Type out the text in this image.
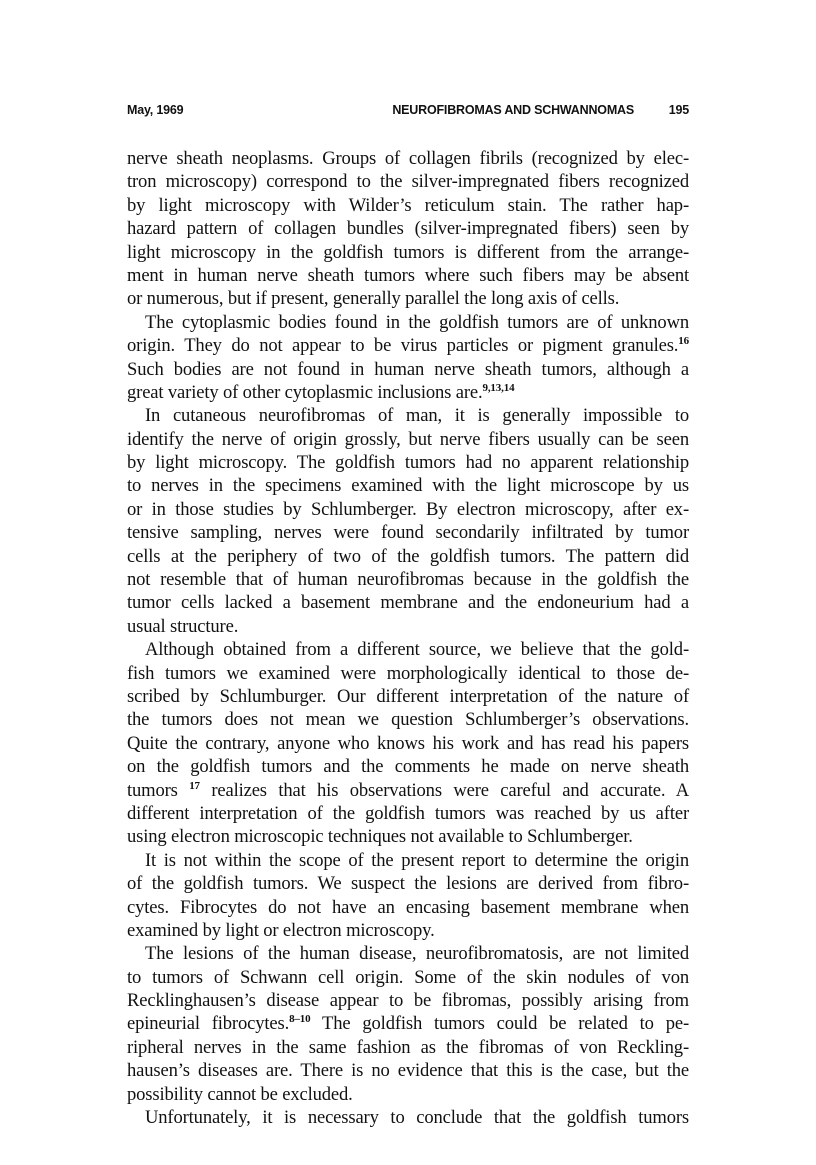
May, 1969	NEUROFIBROMAS AND SCHWANNOMAS	195
nerve sheath neoplasms. Groups of collagen fibrils (recognized by elec-
tron microscopy) correspond to the silver-impregnated fibers recognized
by light microscopy with Wilder’s reticulum stain. The rather hap-
hazard pattern of collagen bundles (silver-impregnated fibers) seen by
light microscopy in the goldfish tumors is different from the arrange-
ment in human nerve sheath tumors where such fibers may be absent
or numerous, but if present, generally parallel the long axis of cells.
The cytoplasmic bodies found in the goldfish tumors are of unknown
origin. They do not appear to be virus particles or pigment granules.$^{16}$
Such bodies are not found in human nerve sheath tumors, although a
great variety of other cytoplasmic inclusions are.$^{9,13,14}$
In cutaneous neurofibromas of man, it is generally impossible to
identify the nerve of origin grossly, but nerve fibers usually can be seen
by light microscopy. The goldfish tumors had no apparent relationship
to nerves in the specimens examined with the light microscope by us
or in those studies by Schlumberger. By electron microscopy, after ex-
tensive sampling, nerves were found secondarily infiltrated by tumor
cells at the periphery of two of the goldfish tumors. The pattern did
not resemble that of human neurofibromas because in the goldfish the
tumor cells lacked a basement membrane and the endoneurium had a
usual structure.
Although obtained from a different source, we believe that the gold-
fish tumors we examined were morphologically identical to those de-
scribed by Schlumburger. Our different interpretation of the nature of
the tumors does not mean we question Schlumberger’s observations.
Quite the contrary, anyone who knows his work and has read his papers
on the goldfish tumors and the comments he made on nerve sheath
tumors $^{17}$ realizes that his observations were careful and accurate. A
different interpretation of the goldfish tumors was reached by us after
using electron microscopic techniques not available to Schlumberger.
It is not within the scope of the present report to determine the origin
of the goldfish tumors. We suspect the lesions are derived from fibro-
cytes. Fibrocytes do not have an encasing basement membrane when
examined by light or electron microscopy.
The lesions of the human disease, neurofibromatosis, are not limited
to tumors of Schwann cell origin. Some of the skin nodules of von
Recklinghausen’s disease appear to be fibromas, possibly arising from
epineurial fibrocytes.$^{8-10}$ The goldfish tumors could be related to pe-
ripheral nerves in the same fashion as the fibromas of von Reckling-
hausen’s diseases are. There is no evidence that this is the case, but the
possibility cannot be excluded.
Unfortunately, it is necessary to conclude that the goldfish tumors
